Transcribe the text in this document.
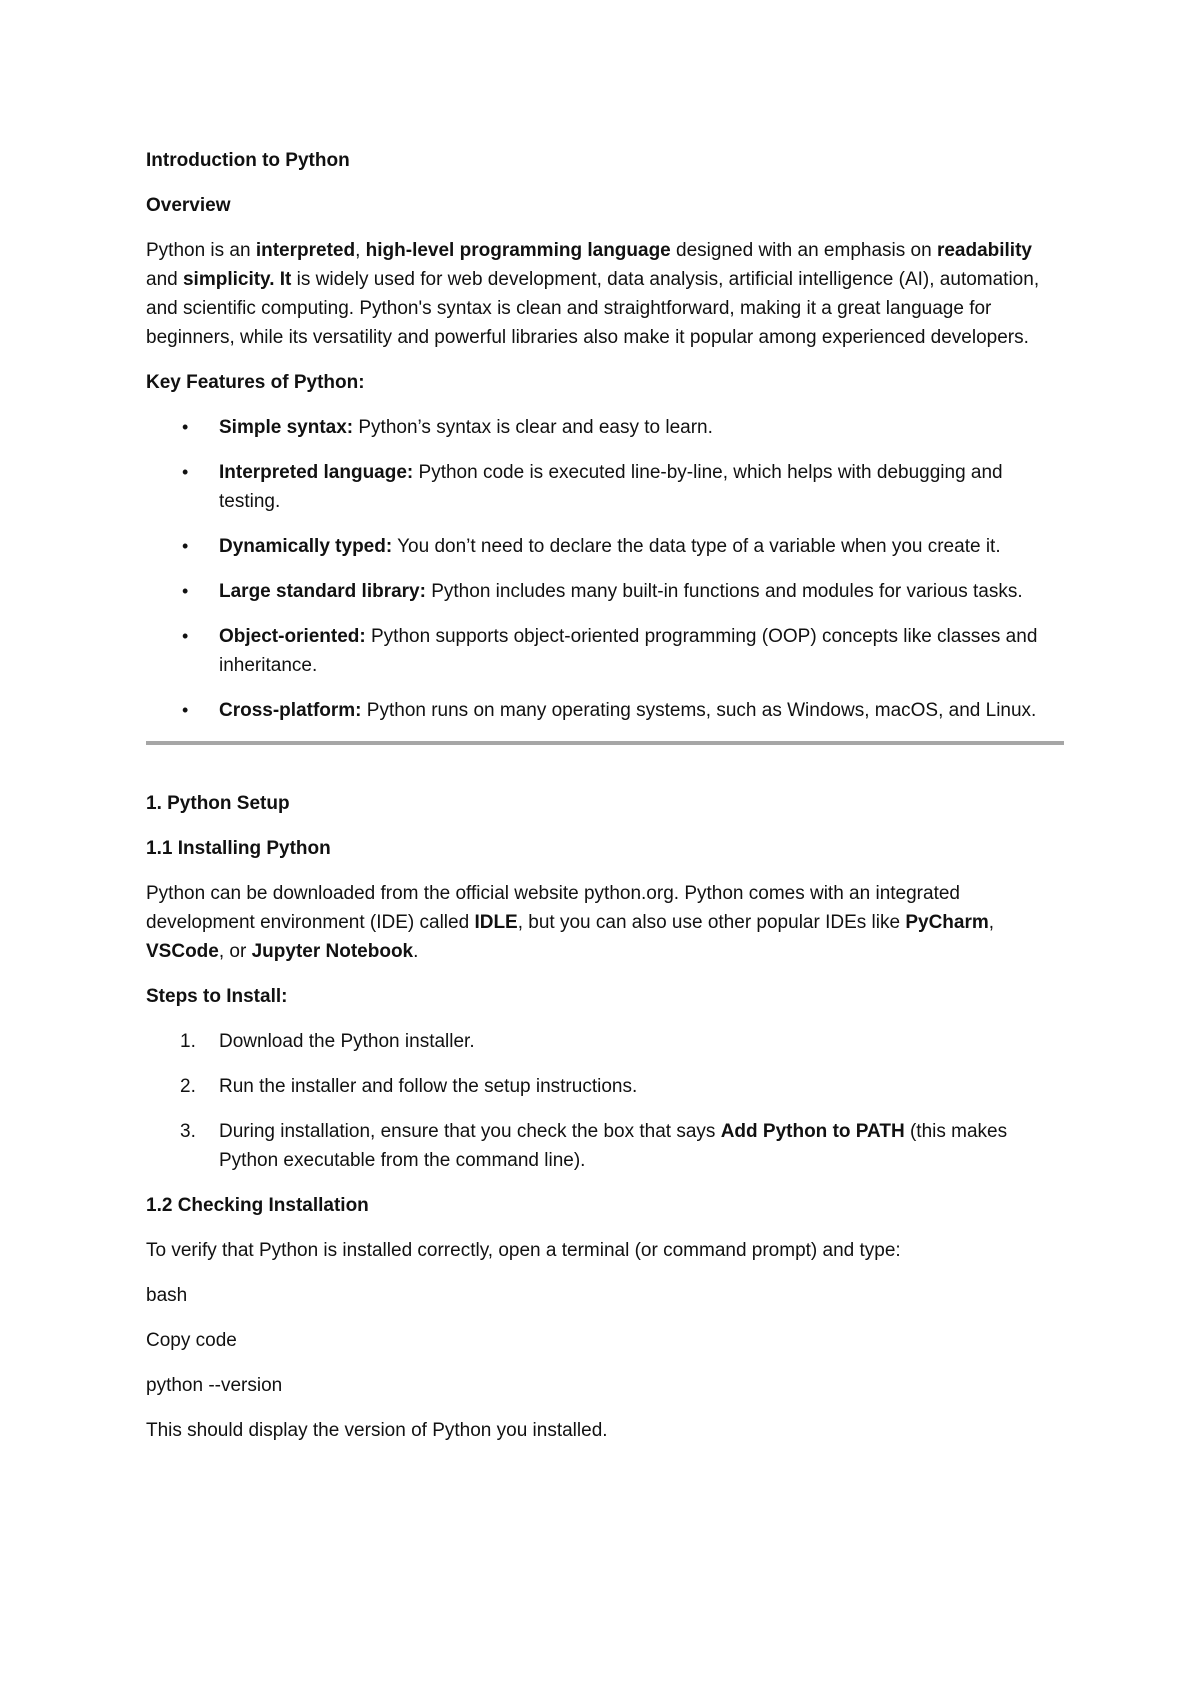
Introduction to Python

Overview

Python is an interpreted, high-level programming language designed with an emphasis on readability and simplicity. It is widely used for web development, data analysis, artificial intelligence (AI), automation, and scientific computing. Python's syntax is clean and straightforward, making it a great language for beginners, while its versatility and powerful libraries also make it popular among experienced developers.

Key Features of Python:

• Simple syntax: Python’s syntax is clear and easy to learn.
• Interpreted language: Python code is executed line-by-line, which helps with debugging and testing.
• Dynamically typed: You don’t need to declare the data type of a variable when you create it.
• Large standard library: Python includes many built-in functions and modules for various tasks.
• Object-oriented: Python supports object-oriented programming (OOP) concepts like classes and inheritance.
• Cross-platform: Python runs on many operating systems, such as Windows, macOS, and Linux.

1. Python Setup

1.1 Installing Python

Python can be downloaded from the official website python.org. Python comes with an integrated development environment (IDE) called IDLE, but you can also use other popular IDEs like PyCharm, VSCode, or Jupyter Notebook.

Steps to Install:

1. Download the Python installer.
2. Run the installer and follow the setup instructions.
3. During installation, ensure that you check the box that says Add Python to PATH (this makes Python executable from the command line).

1.2 Checking Installation

To verify that Python is installed correctly, open a terminal (or command prompt) and type:

bash

Copy code

python --version

This should display the version of Python you installed.
